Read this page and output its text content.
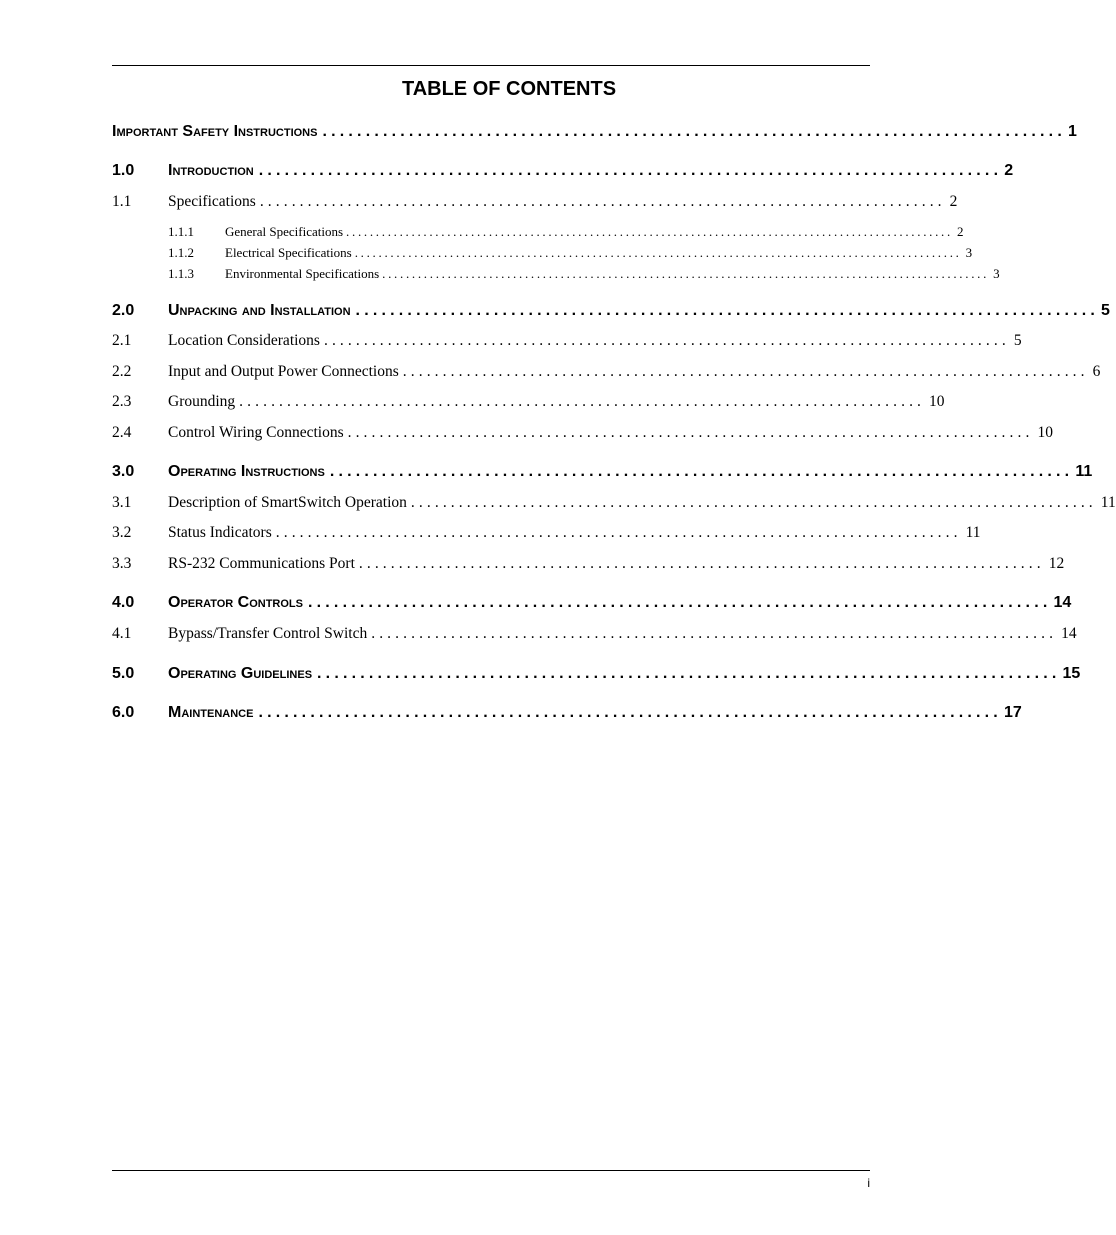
TABLE OF CONTENTS
Important Safety Instructions ...................................................................................... 1
1.0	Introduction ...................................................................................... 2
1.1	Specifications ...................................................................................... 2
1.1.1	General Specifications ...................................................................................................... 2
1.1.2	Electrical Specifications ...................................................................................................... 3
1.1.3	Environmental Specifications ...................................................................................................... 3
2.0	Unpacking and Installation ...................................................................................... 5
2.1	Location Considerations ...................................................................................... 5
2.2	Input and Output Power Connections ...................................................................................... 6
2.3	Grounding ...................................................................................... 10
2.4	Control Wiring Connections ...................................................................................... 10
3.0	Operating Instructions ...................................................................................... 11
3.1	Description of SmartSwitch Operation ...................................................................................... 11
3.2	Status Indicators ...................................................................................... 11
3.3	RS-232 Communications Port ...................................................................................... 12
4.0	Operator Controls ...................................................................................... 14
4.1	Bypass/Transfer Control Switch ...................................................................................... 14
5.0	Operating Guidelines ...................................................................................... 15
6.0	Maintenance ...................................................................................... 17
i
